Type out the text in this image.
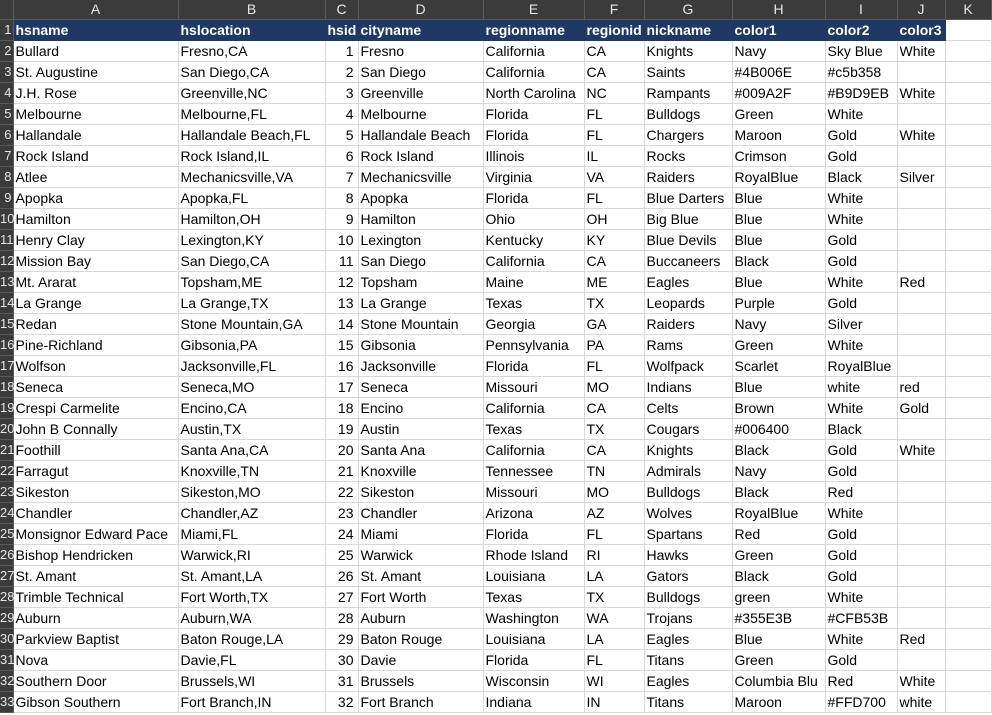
	A	B	C	D	E	F	G	H	I	J	K
1	hsname	hslocation	hsid	cityname	regionname	regionid	nickname	color1	color2	color3	
2	Bullard	Fresno,CA	1	Fresno	California	CA	Knights	Navy	Sky Blue	White	
3	St. Augustine	San Diego,CA	2	San Diego	California	CA	Saints	#4B006E	#c5b358		
4	J.H. Rose	Greenville,NC	3	Greenville	North Carolina	NC	Rampants	#009A2F	#B9D9EB	White	
5	Melbourne	Melbourne,FL	4	Melbourne	Florida	FL	Bulldogs	Green	White		
6	Hallandale	Hallandale Beach,FL	5	Hallandale Beach	Florida	FL	Chargers	Maroon	Gold	White	
7	Rock Island	Rock Island,IL	6	Rock Island	Illinois	IL	Rocks	Crimson	Gold		
8	Atlee	Mechanicsville,VA	7	Mechanicsville	Virginia	VA	Raiders	RoyalBlue	Black	Silver	
9	Apopka	Apopka,FL	8	Apopka	Florida	FL	Blue Darters	Blue	White		
10	Hamilton	Hamilton,OH	9	Hamilton	Ohio	OH	Big Blue	Blue	White		
11	Henry Clay	Lexington,KY	10	Lexington	Kentucky	KY	Blue Devils	Blue	Gold		
12	Mission Bay	San Diego,CA	11	San Diego	California	CA	Buccaneers	Black	Gold		
13	Mt. Ararat	Topsham,ME	12	Topsham	Maine	ME	Eagles	Blue	White	Red	
14	La Grange	La Grange,TX	13	La Grange	Texas	TX	Leopards	Purple	Gold		
15	Redan	Stone Mountain,GA	14	Stone Mountain	Georgia	GA	Raiders	Navy	Silver		
16	Pine-Richland	Gibsonia,PA	15	Gibsonia	Pennsylvania	PA	Rams	Green	White		
17	Wolfson	Jacksonville,FL	16	Jacksonville	Florida	FL	Wolfpack	Scarlet	RoyalBlue		
18	Seneca	Seneca,MO	17	Seneca	Missouri	MO	Indians	Blue	white	red	
19	Crespi Carmelite	Encino,CA	18	Encino	California	CA	Celts	Brown	White	Gold	
20	John B Connally	Austin,TX	19	Austin	Texas	TX	Cougars	#006400	Black		
21	Foothill	Santa Ana,CA	20	Santa Ana	California	CA	Knights	Black	Gold	White	
22	Farragut	Knoxville,TN	21	Knoxville	Tennessee	TN	Admirals	Navy	Gold		
23	Sikeston	Sikeston,MO	22	Sikeston	Missouri	MO	Bulldogs	Black	Red		
24	Chandler	Chandler,AZ	23	Chandler	Arizona	AZ	Wolves	RoyalBlue	White		
25	Monsignor Edward Pace	Miami,FL	24	Miami	Florida	FL	Spartans	Red	Gold		
26	Bishop Hendricken	Warwick,RI	25	Warwick	Rhode Island	RI	Hawks	Green	Gold		
27	St. Amant	St. Amant,LA	26	St. Amant	Louisiana	LA	Gators	Black	Gold		
28	Trimble Technical	Fort Worth,TX	27	Fort Worth	Texas	TX	Bulldogs	green	White		
29	Auburn	Auburn,WA	28	Auburn	Washington	WA	Trojans	#355E3B	#CFB53B		
30	Parkview Baptist	Baton Rouge,LA	29	Baton Rouge	Louisiana	LA	Eagles	Blue	White	Red	
31	Nova	Davie,FL	30	Davie	Florida	FL	Titans	Green	Gold		
32	Southern Door	Brussels,WI	31	Brussels	Wisconsin	WI	Eagles	Columbia Blu	Red	White	
33	Gibson Southern	Fort Branch,IN	32	Fort Branch	Indiana	IN	Titans	Maroon	#FFD700	white	
